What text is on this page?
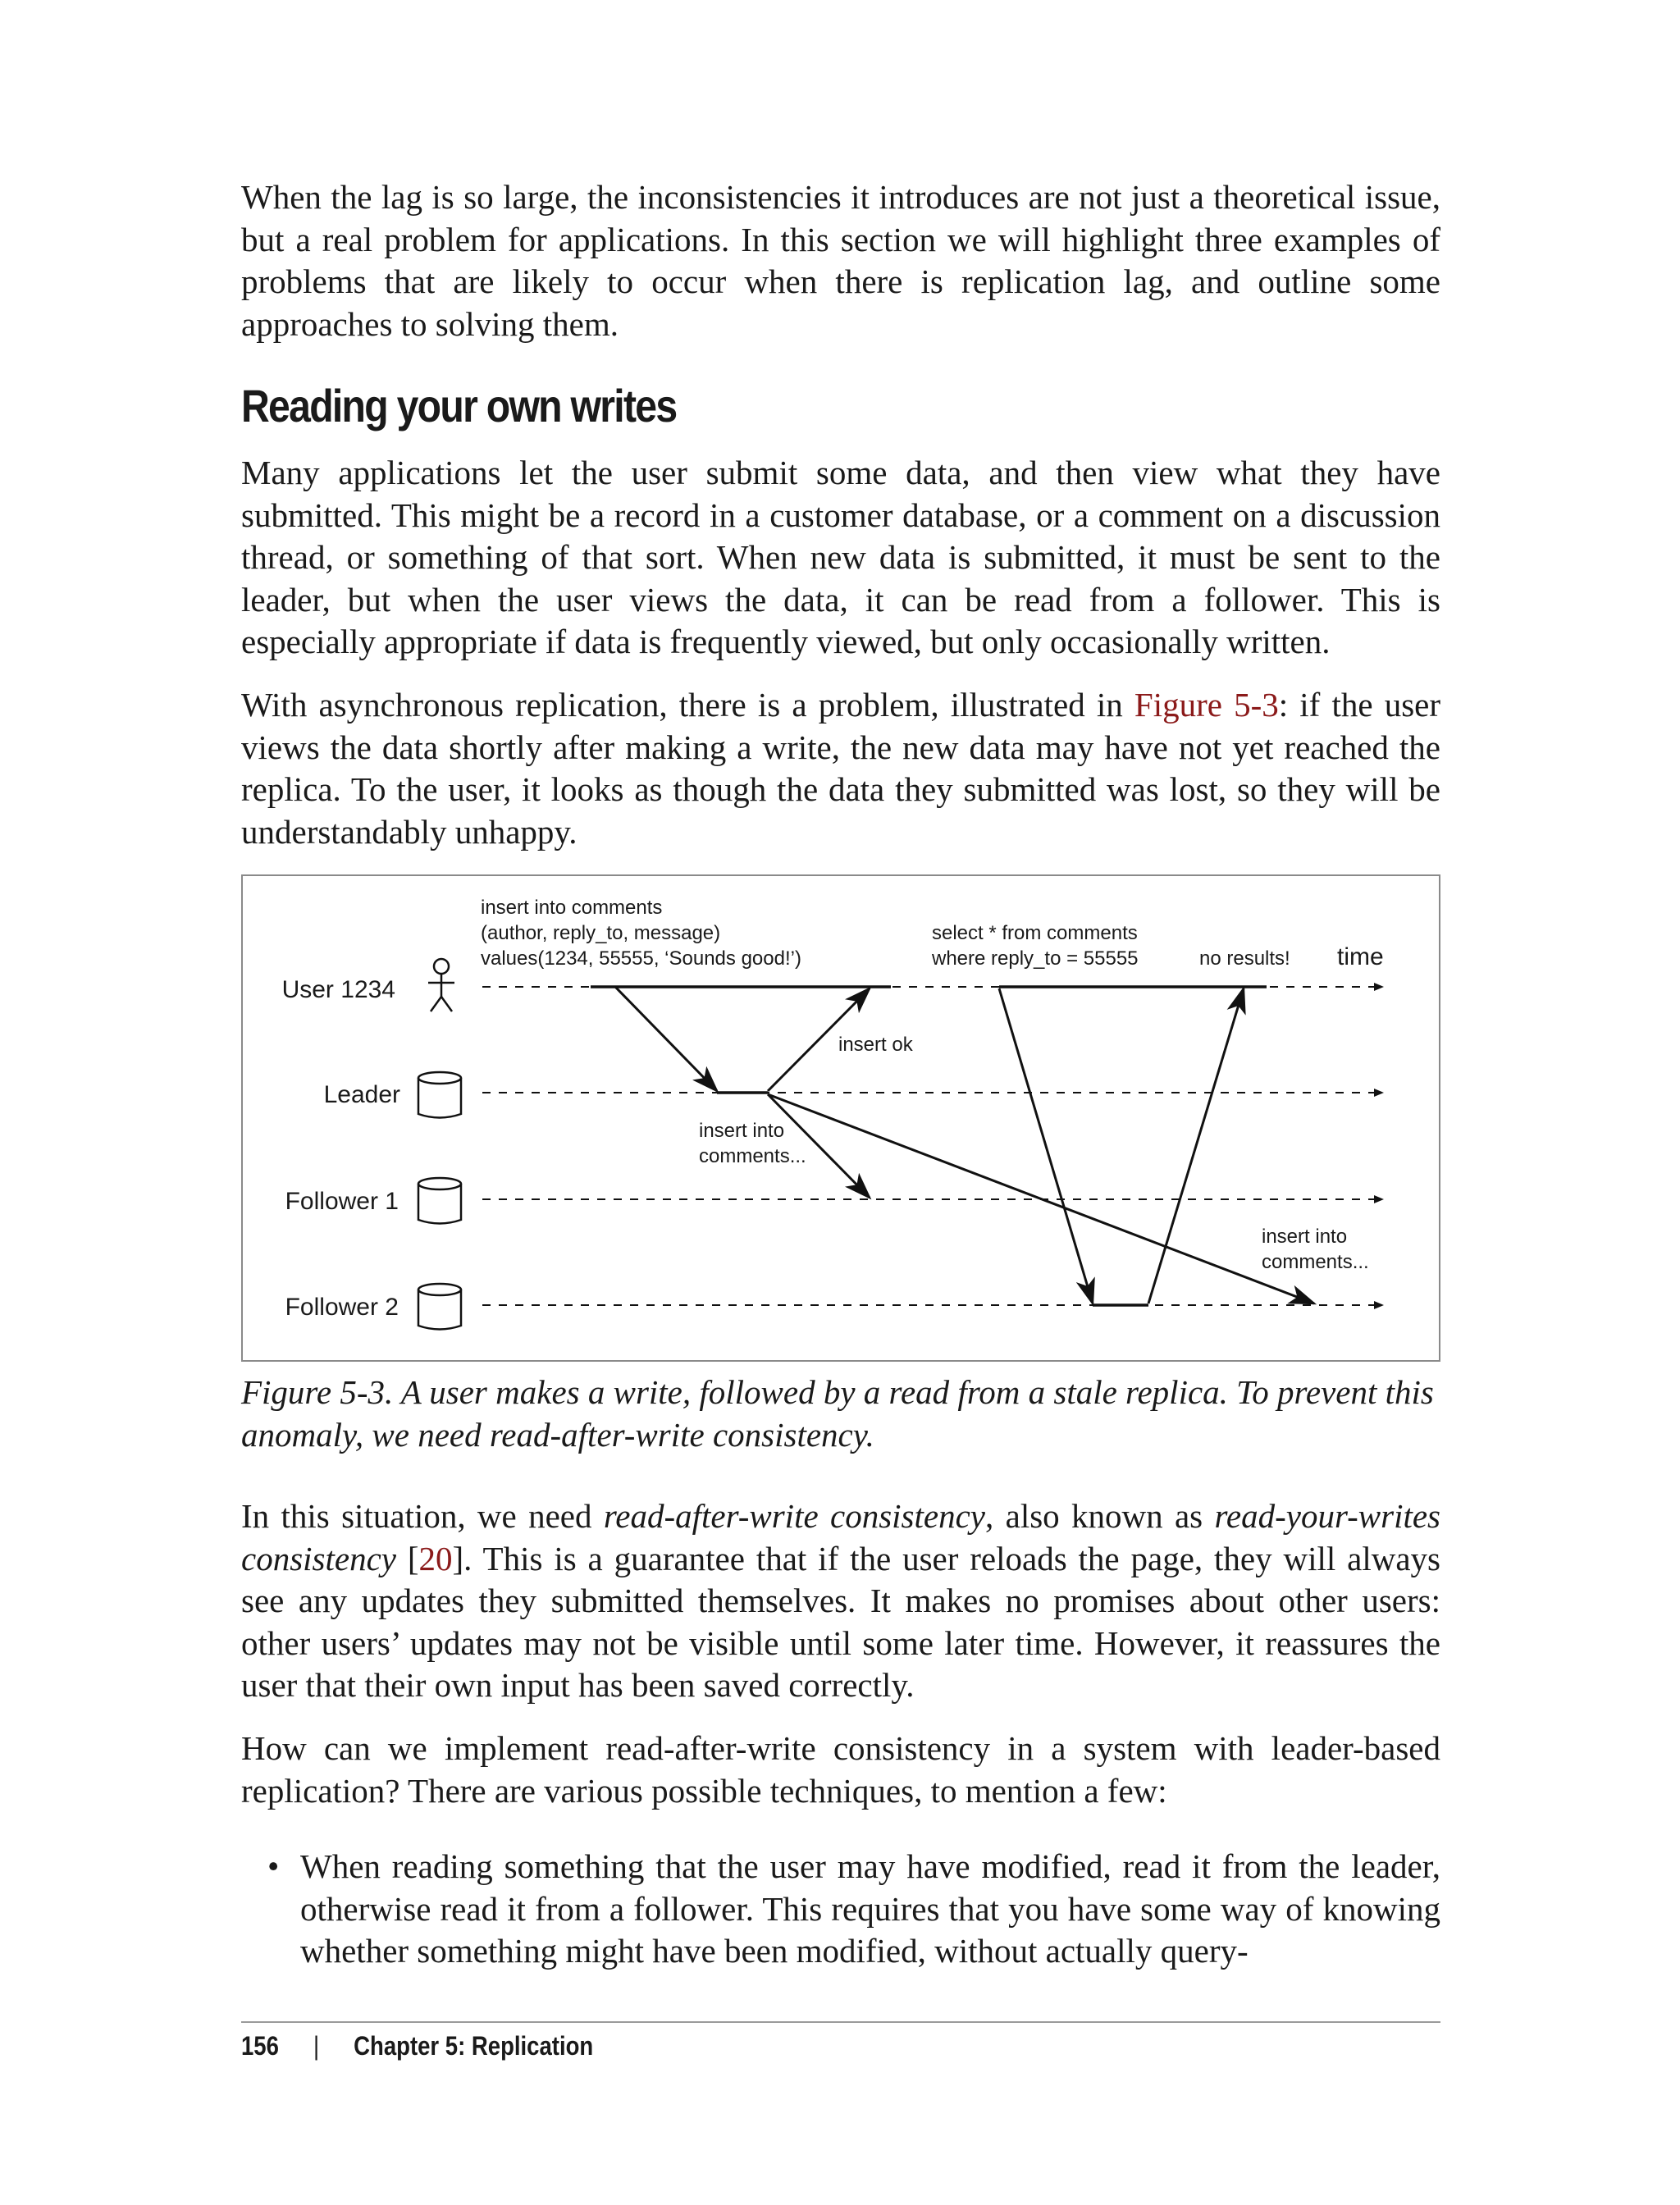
When the lag is so large, the inconsistencies it introduces are not just a theoretical issue, but a real problem for applications. In this section we will highlight three examples of problems that are likely to occur when there is replication lag, and outline some approaches to solving them.

Reading your own writes

Many applications let the user submit some data, and then view what they have submitted. This might be a record in a customer database, or a comment on a discussion thread, or something of that sort. When new data is submitted, it must be sent to the leader, but when the user views the data, it can be read from a follower. This is especially appropriate if data is frequently viewed, but only occasionally written.

With asynchronous replication, there is a problem, illustrated in Figure 5-3: if the user views the data shortly after making a write, the new data may have not yet reached the replica. To the user, it looks as though the data they submitted was lost, so they will be understandably unhappy.

User 1234
Leader
Follower 1
Follower 2
insert into comments
(author, reply_to, message)
values(1234, 55555, ‘Sounds good!’)
select * from comments
where reply_to = 55555	no results! time
insert ok
insert into
comments...
insert into
comments...

Figure 5-3. A user makes a write, followed by a read from a stale replica. To prevent this anomaly, we need read-after-write consistency.

In this situation, we need read-after-write consistency, also known as read-your-writes consistency [20]. This is a guarantee that if the user reloads the page, they will always see any updates they submitted themselves. It makes no promises about other users: other users’ updates may not be visible until some later time. However, it reassures the user that their own input has been saved correctly.

How can we implement read-after-write consistency in a system with leader-based replication? There are various possible techniques, to mention a few:

• When reading something that the user may have modified, read it from the leader, otherwise read it from a follower. This requires that you have some way of knowing whether something might have been modified, without actually query-
156 | Chapter 5: Replication
